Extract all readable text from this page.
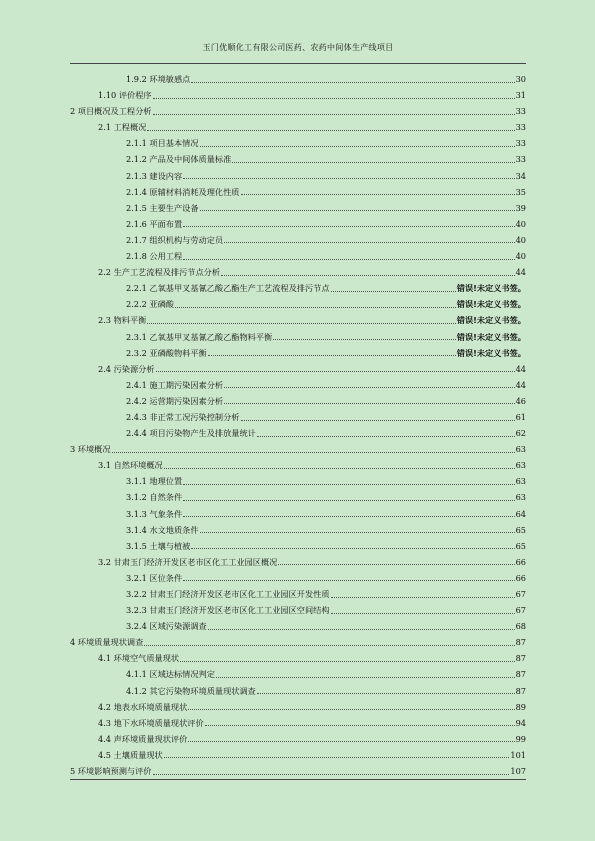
玉门优顺化工有限公司医药、农药中间体生产线项目
1.9.2 环境敏感点	30
1.10 评价程序	31
2 项目概况及工程分析	33
2.1 工程概况	33
2.1.1 项目基本情况	33
2.1.2 产品及中间体质量标准	33
2.1.3 建设内容	34
2.1.4 原辅材料消耗及理化性质	35
2.1.5 主要生产设备	39
2.1.6 平面布置	40
2.1.7 组织机构与劳动定员	40
2.1.8 公用工程	40
2.2 生产工艺流程及排污节点分析	44
2.2.1 乙氧基甲叉基氰乙酸乙酯生产工艺流程及排污节点	错误!未定义书签。
2.2.2 亚磷酸	错误!未定义书签。
2.3 物料平衡	错误!未定义书签。
2.3.1 乙氧基甲叉基氰乙酸乙酯物料平衡	错误!未定义书签。
2.3.2 亚磷酸物料平衡	错误!未定义书签。
2.4 污染源分析	44
2.4.1 施工期污染因素分析	44
2.4.2 运营期污染因素分析	46
2.4.3 非正常工况污染控制分析	61
2.4.4 项目污染物产生及排放量统计	62
3 环境概况	63
3.1 自然环境概况	63
3.1.1 地理位置	63
3.1.2 自然条件	63
3.1.3 气象条件	64
3.1.4 水文地质条件	65
3.1.5 土壤与植被	65
3.2 甘肃玉门经济开发区老市区化工工业园区概况	66
3.2.1 区位条件	66
3.2.2 甘肃玉门经济开发区老市区化工工业园区开发性质	67
3.2.3 甘肃玉门经济开发区老市区化工工业园区空间结构	67
3.2.4 区域污染源调查	68
4 环境质量现状调查	87
4.1 环境空气质量现状	87
4.1.1 区域达标情况判定	87
4.1.2 其它污染物环境质量现状调查	87
4.2 地表水环境质量现状	89
4.3 地下水环境质量现状评价	94
4.4 声环境质量现状评价	99
4.5 土壤质量现状	101
5 环境影响预测与评价	107
